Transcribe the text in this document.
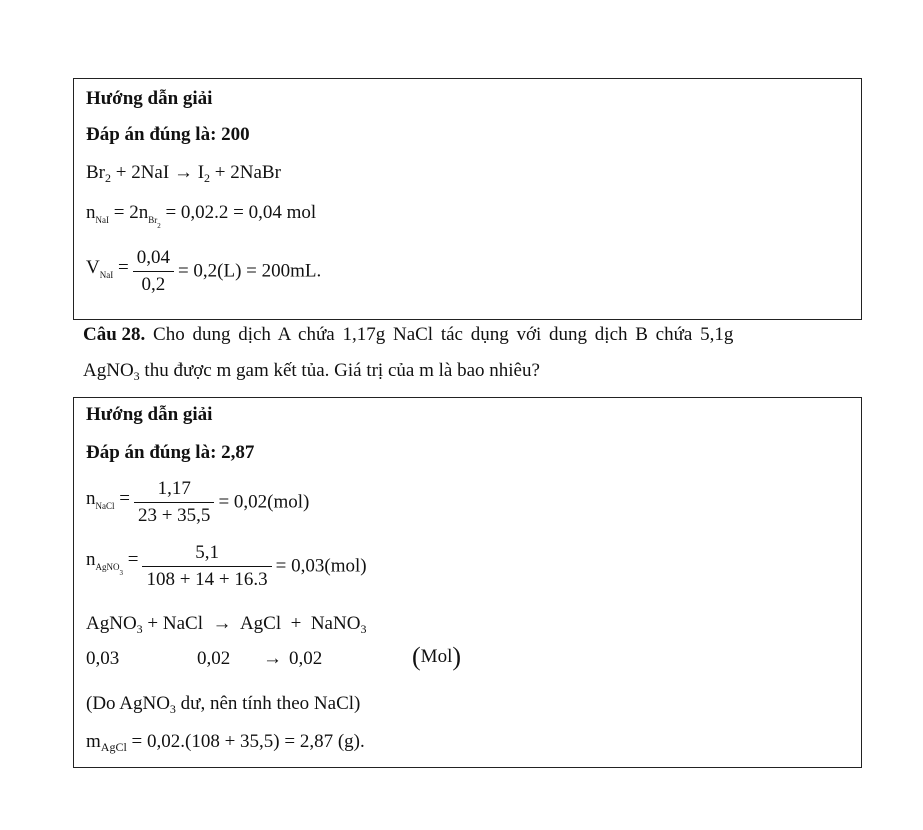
Hướng dẫn giải
Đáp án đúng là: 200
$Br_2 + 2NaI \to I_2$ + 2NaBr
$n_{NaI} = 2n_{Br_2} = 0,02.2 = 0,04$ mol
$V_{NaI} = \frac{0,04}{0,2} = 0,2(L) = 200mL$.
Câu 28. Cho dung dịch A chứa 1,17g NaCl tác dụng với dung dịch B chứa 5,1g
AgNO$_3$ thu được m gam kết tủa. Giá trị của m là bao nhiêu?
Hướng dẫn giải
Đáp án đúng là: 2,87
$n_{NaCl} = \frac{1,17}{23 + 35,5} = 0,02(mol)$
$n_{AgNO_3} = \frac{5,1}{108 + 14 + 16.3} = 0,03(mol)$
AgNO$_3$ + NaCl  →  AgCl  +  NaNO$_3$
0,03	0,02 → 0,02	(Mol)
(Do AgNO$_3$ dư, nên tính theo NaCl)
$m_{AgCl} = 0,02.(108 + 35,5) = 2,87$ (g).
